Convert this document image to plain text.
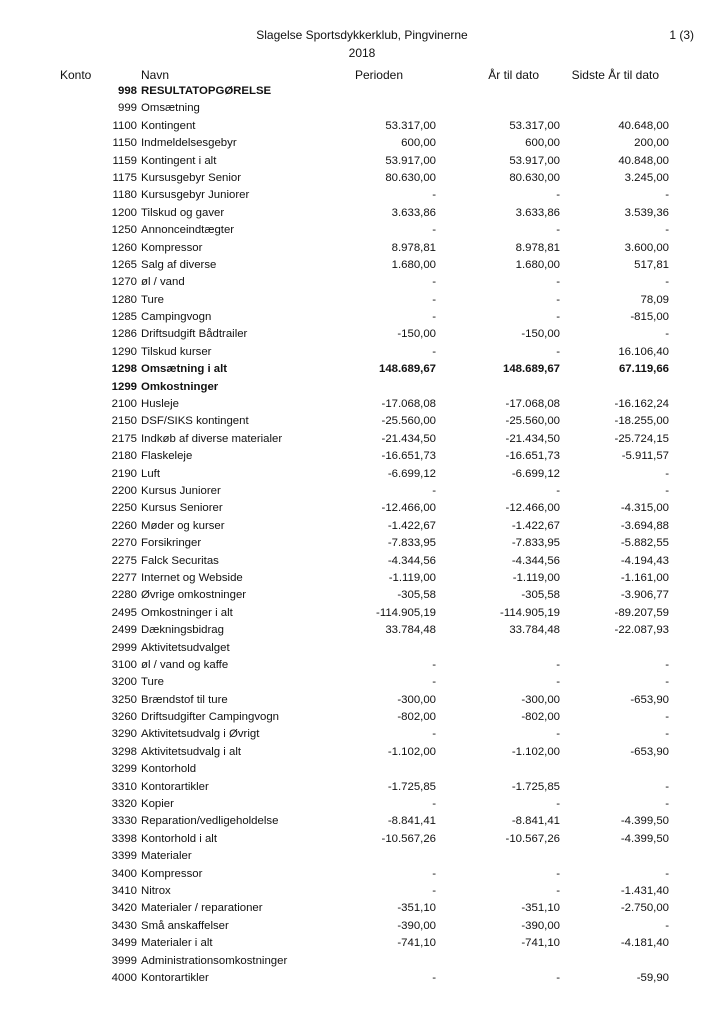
Slagelse Sportsdykkerklub, Pingvinerne
2018
1 (3)
Konto	Navn	Perioden	År til dato	Sidste År til dato
998 RESULTATOPGØRELSE
999 Omsætning
1100 Kontingent	53.317,00	53.317,00	40.648,00
1150 Indmeldelsesgebyr	600,00	600,00	200,00
1159 Kontingent i alt	53.917,00	53.917,00	40.848,00
1175 Kursusgebyr Senior	80.630,00	80.630,00	3.245,00
1180 Kursusgebyr Juniorer	-	-	-
1200 Tilskud og gaver	3.633,86	3.633,86	3.539,36
1250 Annonceindtægter	-	-	-
1260 Kompressor	8.978,81	8.978,81	3.600,00
1265 Salg af diverse	1.680,00	1.680,00	517,81
1270 øl / vand	-	-	-
1280 Ture	-	-	78,09
1285 Campingvogn	-	-	-815,00
1286 Driftsudgift Bådtrailer	-150,00	-150,00	-
1290 Tilskud kurser	-	-	16.106,40
1298 Omsætning i alt	148.689,67	148.689,67	67.119,66
1299 Omkostninger
2100 Husleje	-17.068,08	-17.068,08	-16.162,24
2150 DSF/SIKS kontingent	-25.560,00	-25.560,00	-18.255,00
2175 Indkøb af diverse materialer	-21.434,50	-21.434,50	-25.724,15
2180 Flaskeleje	-16.651,73	-16.651,73	-5.911,57
2190 Luft	-6.699,12	-6.699,12	-
2200 Kursus Juniorer	-	-	-
2250 Kursus Seniorer	-12.466,00	-12.466,00	-4.315,00
2260 Møder og kurser	-1.422,67	-1.422,67	-3.694,88
2270 Forsikringer	-7.833,95	-7.833,95	-5.882,55
2275 Falck Securitas	-4.344,56	-4.344,56	-4.194,43
2277 Internet og Webside	-1.119,00	-1.119,00	-1.161,00
2280 Øvrige omkostninger	-305,58	-305,58	-3.906,77
2495 Omkostninger i alt	-114.905,19	-114.905,19	-89.207,59
2499 Dækningsbidrag	33.784,48	33.784,48	-22.087,93
2999 Aktivitetsudvalget
3100 øl / vand og kaffe	-	-	-
3200 Ture	-	-	-
3250 Brændstof til ture	-300,00	-300,00	-653,90
3260 Driftsudgifter Campingvogn	-802,00	-802,00	-
3290 Aktivitetsudvalg i Øvrigt	-	-	-
3298 Aktivitetsudvalg i alt	-1.102,00	-1.102,00	-653,90
3299 Kontorhold
3310 Kontorartikler	-1.725,85	-1.725,85	-
3320 Kopier	-	-	-
3330 Reparation/vedligeholdelse	-8.841,41	-8.841,41	-4.399,50
3398 Kontorhold i alt	-10.567,26	-10.567,26	-4.399,50
3399 Materialer
3400 Kompressor	-	-	-
3410 Nitrox	-	-	-1.431,40
3420 Materialer / reparationer	-351,10	-351,10	-2.750,00
3430 Små anskaffelser	-390,00	-390,00	-
3499 Materialer i alt	-741,10	-741,10	-4.181,40
3999 Administrationsomkostninger
4000 Kontorartikler	-	-	-59,90
